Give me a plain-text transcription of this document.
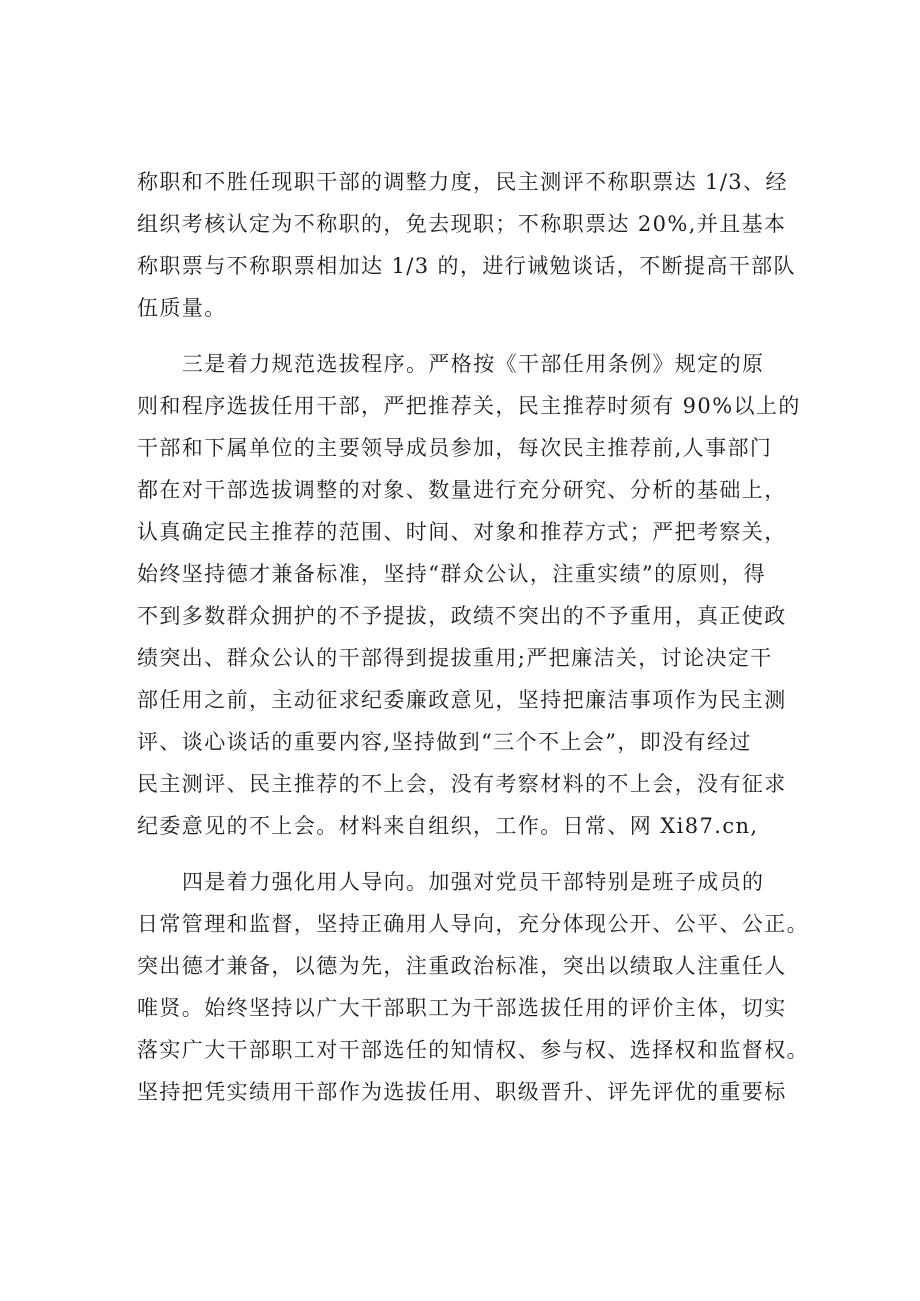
称职和不胜任现职干部的调整力度，民主测评不称职票达 1/3、经
组织考核认定为不称职的，免去现职；不称职票达 20%,并且基本
称职票与不称职票相加达 1/3 的，进行诫勉谈话，不断提高干部队
伍质量。
三是着力规范选拔程序。严格按《干部任用条例》规定的原
则和程序选拔任用干部，严把推荐关，民主推荐时须有 90%以上的
干部和下属单位的主要领导成员参加，每次民主推荐前,人事部门
都在对干部选拔调整的对象、数量进行充分研究、分析的基础上，
认真确定民主推荐的范围、时间、对象和推荐方式；严把考察关，
始终坚持德才兼备标准，坚持“群众公认，注重实绩”的原则，得
不到多数群众拥护的不予提拔，政绩不突出的不予重用，真正使政
绩突出、群众公认的干部得到提拔重用;严把廉洁关，讨论决定干
部任用之前，主动征求纪委廉政意见，坚持把廉洁事项作为民主测
评、谈心谈话的重要内容,坚持做到“三个不上会”，即没有经过
民主测评、民主推荐的不上会，没有考察材料的不上会，没有征求
纪委意见的不上会。材料来自组织，工作。日常、网 Xi87.cn,
四是着力强化用人导向。加强对党员干部特别是班子成员的
日常管理和监督，坚持正确用人导向，充分体现公开、公平、公正。
突出德才兼备，以德为先，注重政治标准，突出以绩取人注重任人
唯贤。始终坚持以广大干部职工为干部选拔任用的评价主体，切实
落实广大干部职工对干部选任的知情权、参与权、选择权和监督权。
坚持把凭实绩用干部作为选拔任用、职级晋升、评先评优的重要标
